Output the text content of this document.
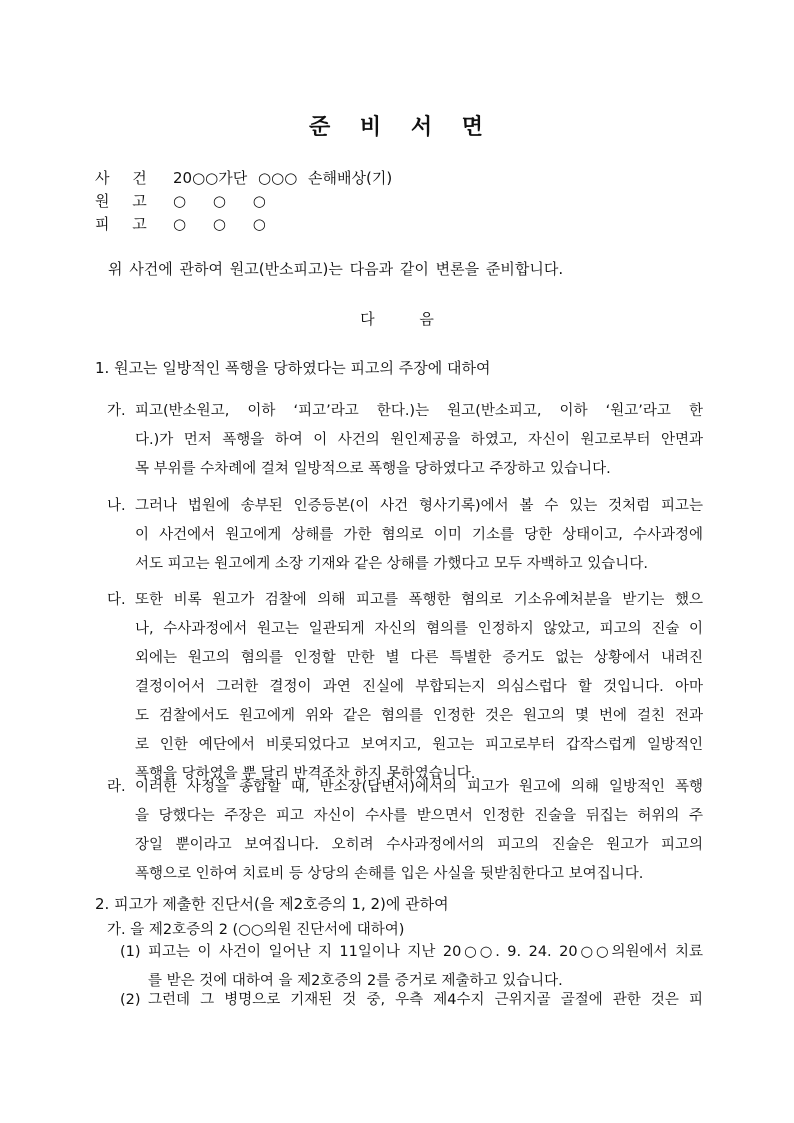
준 비 서 면
사 건 20○○가단 ○○○ 손해배상(기)
원 고 ○ ○ ○
피 고 ○ ○ ○
위 사건에 관하여 원고(반소피고)는 다음과 같이 변론을 준비합니다.
다 음
1. 원고는 일방적인 폭행을 당하였다는 피고의 주장에 대하여
가. 피고(반소원고, 이하 ‘피고’라고 한다.)는 원고(반소피고, 이하 ‘원고’라고 한
다.)가 먼저 폭행을 하여 이 사건의 원인제공을 하였고, 자신이 원고로부터 안면과
목 부위를 수차례에 걸쳐 일방적으로 폭행을 당하였다고 주장하고 있습니다.
나. 그러나 법원에 송부된 인증등본(이 사건 형사기록)에서 볼 수 있는 것처럼 피고는
이 사건에서 원고에게 상해를 가한 혐의로 이미 기소를 당한 상태이고, 수사과정에
서도 피고는 원고에게 소장 기재와 같은 상해를 가했다고 모두 자백하고 있습니다.
다. 또한 비록 원고가 검찰에 의해 피고를 폭행한 혐의로 기소유예처분을 받기는 했으
나, 수사과정에서 원고는 일관되게 자신의 혐의를 인정하지 않았고, 피고의 진술 이
외에는 원고의 혐의를 인정할 만한 별 다른 특별한 증거도 없는 상황에서 내려진
결정이어서 그러한 결정이 과연 진실에 부합되는지 의심스럽다 할 것입니다. 아마
도 검찰에서도 원고에게 위와 같은 혐의를 인정한 것은 원고의 몇 번에 걸친 전과
로 인한 예단에서 비롯되었다고 보여지고, 원고는 피고로부터 갑작스럽게 일방적인
폭행을 당하였을 뿐 달리 반격조차 하지 못하였습니다.
라. 이러한 사정을 종합할 때, 반소장(답변서)에서의 피고가 원고에 의해 일방적인 폭행
을 당했다는 주장은 피고 자신이 수사를 받으면서 인정한 진술을 뒤집는 허위의 주
장일 뿐이라고 보여집니다. 오히려 수사과정에서의 피고의 진술은 원고가 피고의
폭행으로 인하여 치료비 등 상당의 손해를 입은 사실을 뒷받침한다고 보여집니다.
2. 피고가 제출한 진단서(을 제2호증의 1, 2)에 관하여
가. 을 제2호증의 2 (○○의원 진단서에 대하여)
(1) 피고는 이 사건이 일어난 지 11일이나 지난 20○○. 9. 24. 20○○의원에서 치료
를 받은 것에 대하여 을 제2호증의 2를 증거로 제출하고 있습니다.
(2) 그런데 그 병명으로 기재된 것 중, 우측 제4수지 근위지골 골절에 관한 것은 피
